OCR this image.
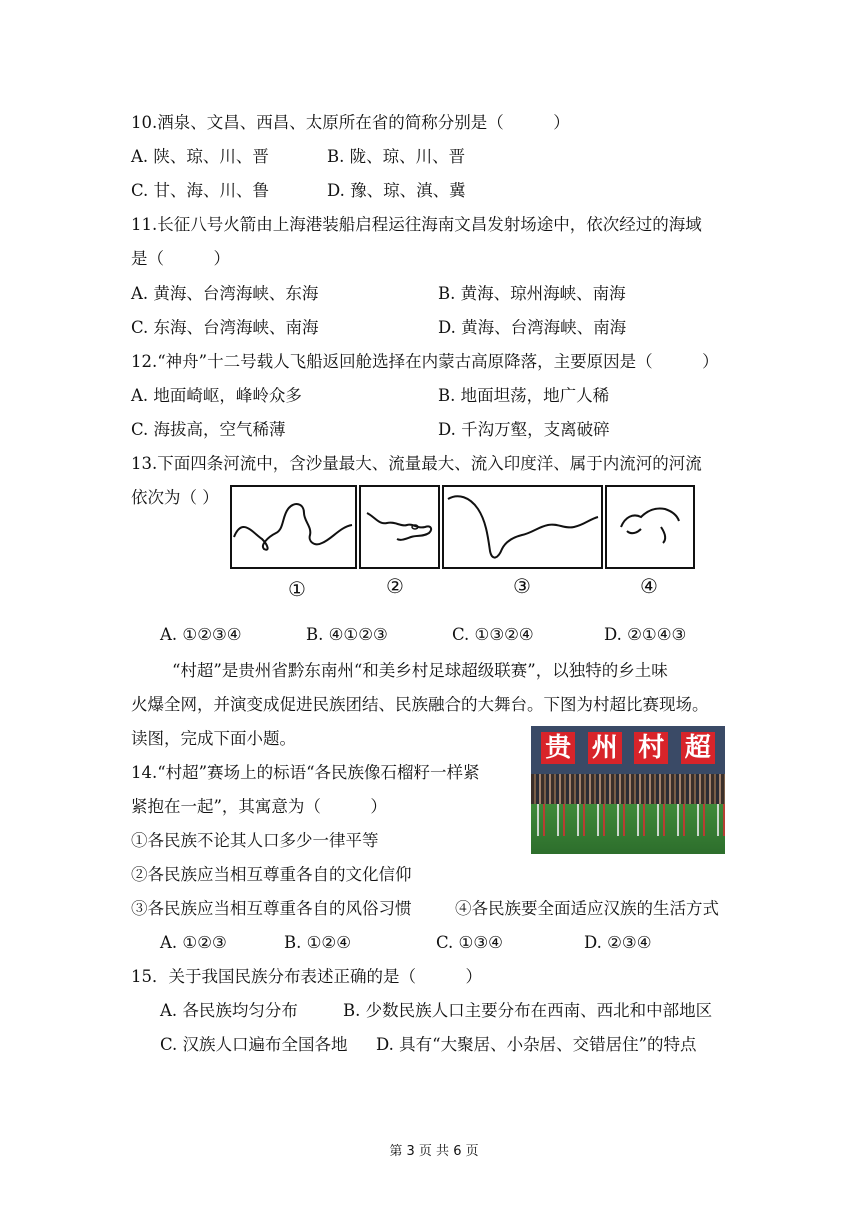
10.酒泉、文昌、西昌、太原所在省的简称分别是（　　　）
A. 陕、琼、川、晋	B. 陇、琼、川、晋
C. 甘、海、川、鲁	D. 豫、琼、滇、冀
11.长征八号火箭由上海港装船启程运往海南文昌发射场途中，依次经过的海域
是（　　　）
A. 黄海、台湾海峡、东海	B. 黄海、琼州海峡、南海
C. 东海、台湾海峡、南海	D. 黄海、台湾海峡、南海
12.“神舟”十二号载人飞船返回舱选择在内蒙古高原降落，主要原因是（　　　）
A. 地面崎岖，峰岭众多	B. 地面坦荡，地广人稀
C. 海拔高，空气稀薄	D. 千沟万壑，支离破碎
13.下面四条河流中，含沙量最大、流量最大、流入印度洋、属于内流河的河流
依次为（ ）
①	②	③	④
A. ①②③④	B. ④①②③	C. ①③②④	D. ②①④③
“村超”是贵州省黔东南州“和美乡村足球超级联赛”，以独特的乡土味
火爆全网，并演变成促进民族团结、民族融合的大舞台。下图为村超比赛现场。
读图，完成下面小题。	贵 州 村 超
14.“村超”赛场上的标语“各民族像石榴籽一样紧
紧抱在一起”，其寓意为（　　　）
①各民族不论其人口多少一律平等
②各民族应当相互尊重各自的文化信仰
③各民族应当相互尊重各自的风俗习惯	④各民族要全面适应汉族的生活方式
A. ①②③	B. ①②④	C. ①③④	D. ②③④
15．关于我国民族分布表述正确的是（　　　）
A. 各民族均匀分布	B. 少数民族人口主要分布在西南、西北和中部地区
C. 汉族人口遍布全国各地 D. 具有“大聚居、小杂居、交错居住”的特点
第 3 页 共 6 页
